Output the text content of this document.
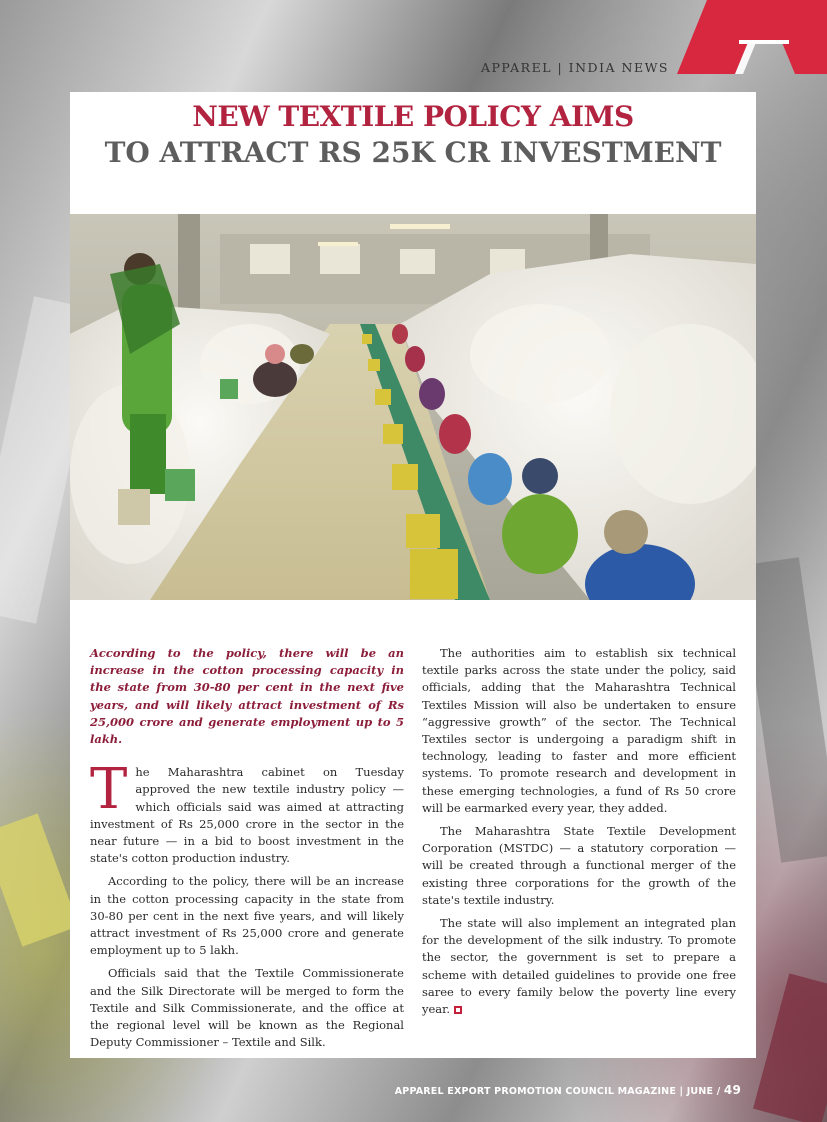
APPAREL | INDIA NEWS
NEW TEXTILE POLICY AIMS
TO ATTRACT RS 25K CR INVESTMENT
According to the policy, there will be an increase in the cotton processing capacity in the state from 30-80 per cent in the next five years, and will likely attract investment of Rs 25,000 crore and generate employment up to 5 lakh.

The Maharashtra cabinet on Tuesday approved the new textile industry policy — which officials said was aimed at attracting investment of Rs 25,000 crore in the sector in the near future — in a bid to boost investment in the state's cotton production industry.

According to the policy, there will be an increase in the cotton processing capacity in the state from 30-80 per cent in the next five years, and will likely attract investment of Rs 25,000 crore and generate employment up to 5 lakh.

Officials said that the Textile Commissionerate and the Silk Directorate will be merged to form the Textile and Silk Commissionerate, and the office at the regional level will be known as the Regional Deputy Commissioner – Textile and Silk.

The authorities aim to establish six technical textile parks across the state under the policy, said officials, adding that the Maharashtra Technical Textiles Mission will also be undertaken to ensure “aggressive growth” of the sector. The Technical Textiles sector is undergoing a paradigm shift in technology, leading to faster and more efficient systems. To promote research and development in these emerging technologies, a fund of Rs 50 crore will be earmarked every year, they added.

The Maharashtra State Textile Development Corporation (MSTDC) — a statutory corporation — will be created through a functional merger of the existing three corporations for the growth of the state's textile industry.

The state will also implement an integrated plan for the development of the silk industry. To promote the sector, the government is set to prepare a scheme with detailed guidelines to provide one free saree to every family below the poverty line every year.

APPAREL EXPORT PROMOTION COUNCIL MAGAZINE | JUNE / 49
